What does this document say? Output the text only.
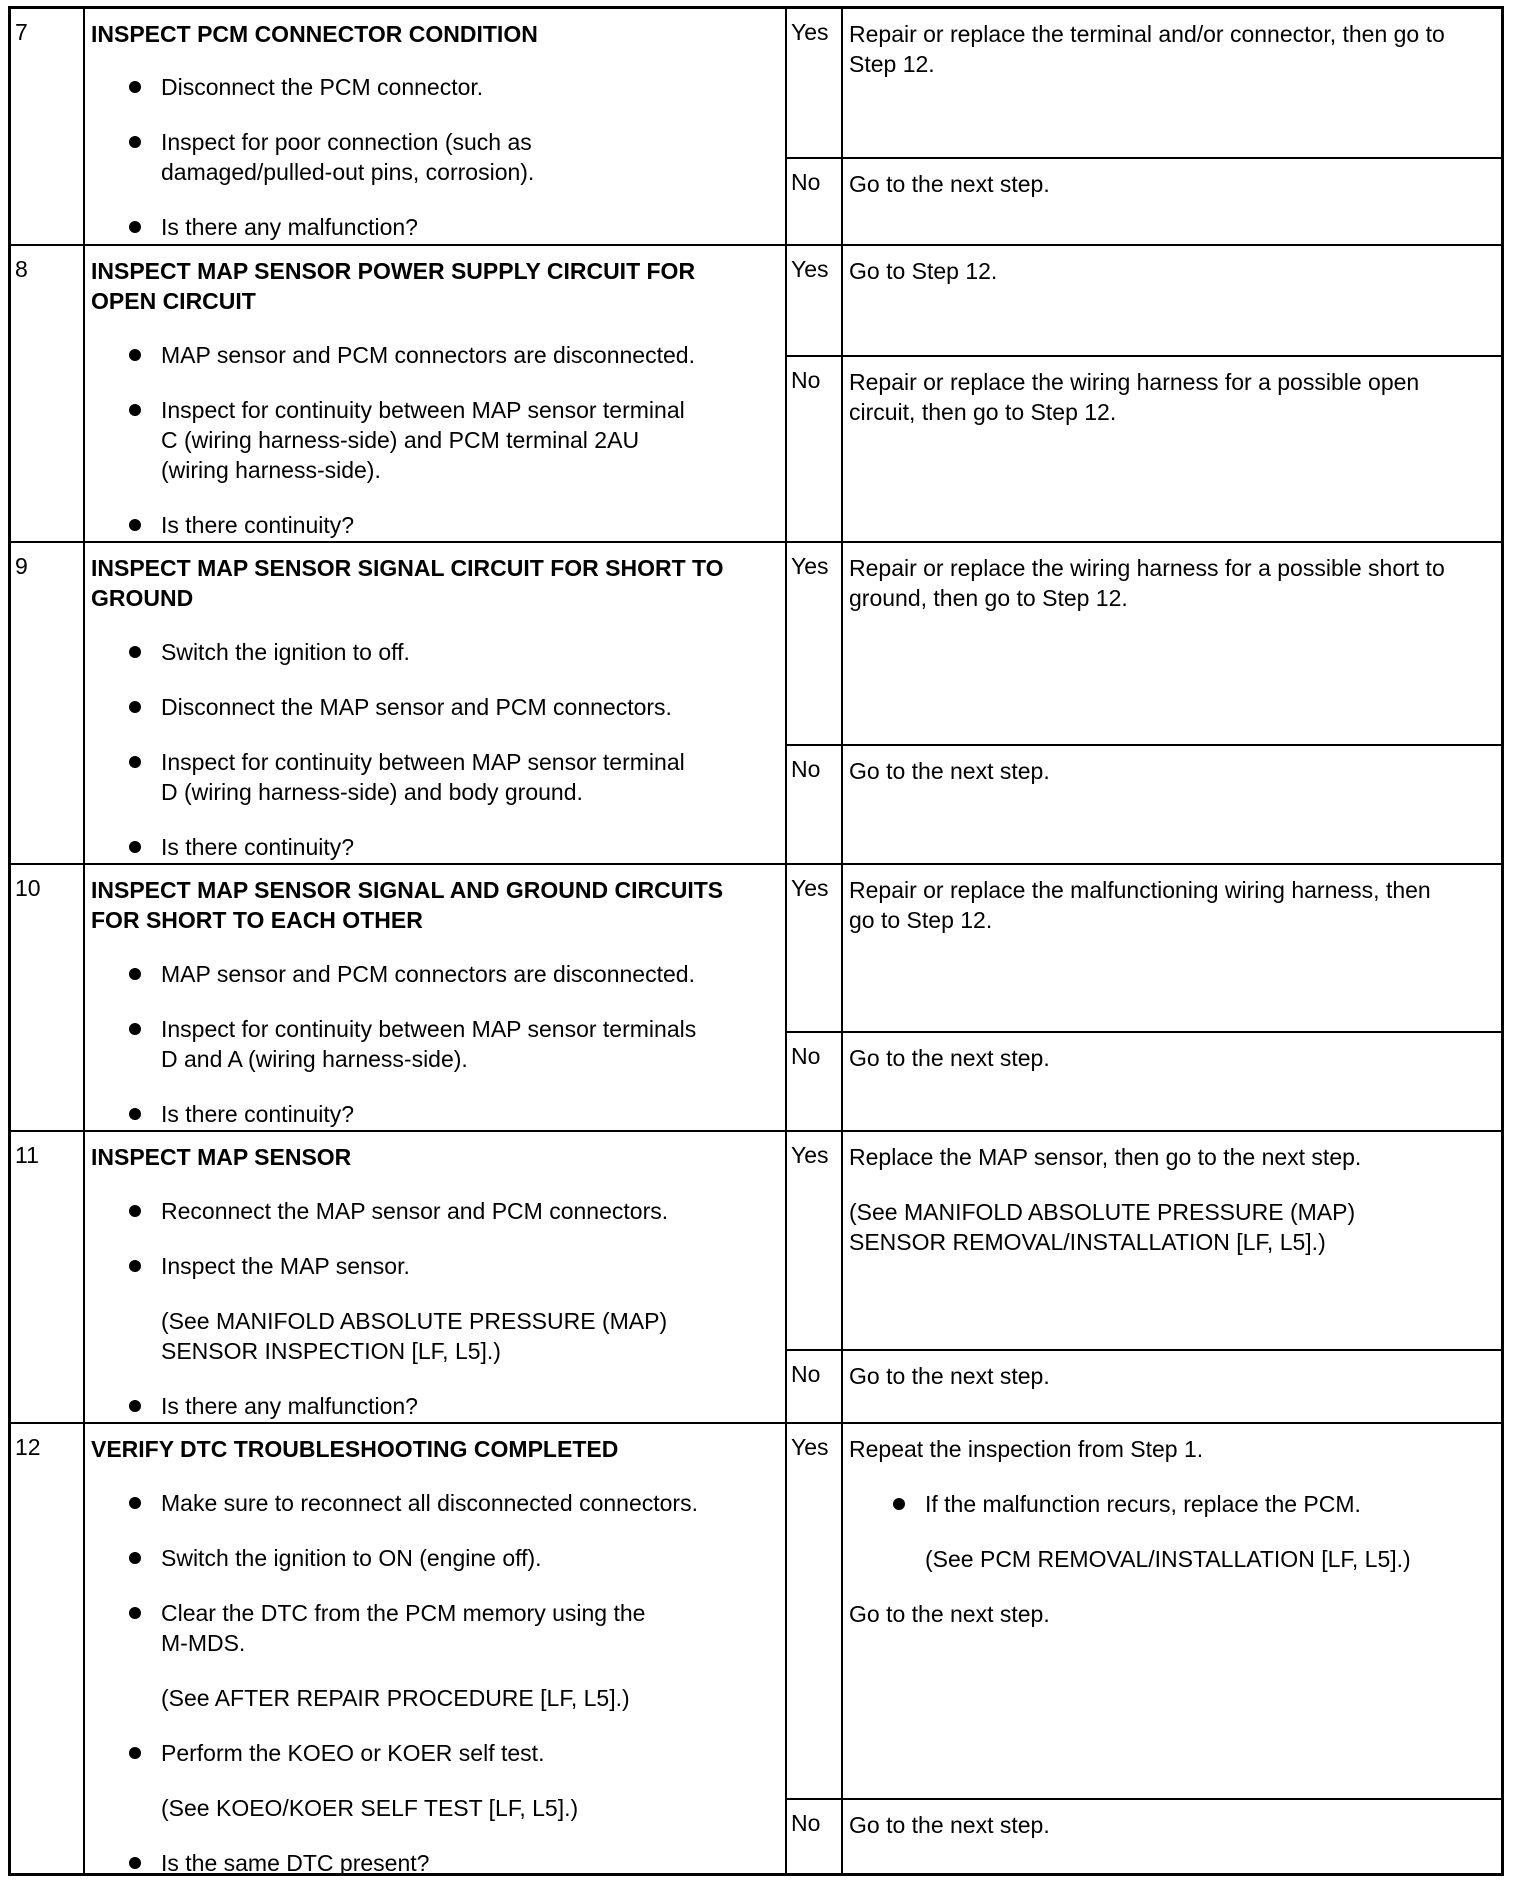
7	INSPECT PCM CONNECTOR CONDITION
Disconnect the PCM connector.
Inspect for poor connection (such as
damaged/pulled-out pins, corrosion).
Is there any malfunction?
Yes Repair or replace the terminal and/or connector, then go to
Step 12.
No Go to the next step.
8	INSPECT MAP SENSOR POWER SUPPLY CIRCUIT FOR
OPEN CIRCUIT
MAP sensor and PCM connectors are disconnected.
Inspect for continuity between MAP sensor terminal
C (wiring harness-side) and PCM terminal 2AU
(wiring harness-side).
Is there continuity?
Yes Go to Step 12.
No Repair or replace the wiring harness for a possible open
circuit, then go to Step 12.
9	INSPECT MAP SENSOR SIGNAL CIRCUIT FOR SHORT TO
GROUND
Switch the ignition to off.
Disconnect the MAP sensor and PCM connectors.
Inspect for continuity between MAP sensor terminal
D (wiring harness-side) and body ground.
Is there continuity?
Yes Repair or replace the wiring harness for a possible short to
ground, then go to Step 12.
No Go to the next step.
10 INSPECT MAP SENSOR SIGNAL AND GROUND CIRCUITS
FOR SHORT TO EACH OTHER
MAP sensor and PCM connectors are disconnected.
Inspect for continuity between MAP sensor terminals
D and A (wiring harness-side).
Is there continuity?
Yes Repair or replace the malfunctioning wiring harness, then
go to Step 12.
No Go to the next step.
11 INSPECT MAP SENSOR
Reconnect the MAP sensor and PCM connectors.
Inspect the MAP sensor.
(See MANIFOLD ABSOLUTE PRESSURE (MAP)
SENSOR INSPECTION [LF, L5].)
Is there any malfunction?
Yes Replace the MAP sensor, then go to the next step.
(See MANIFOLD ABSOLUTE PRESSURE (MAP)
SENSOR REMOVAL/INSTALLATION [LF, L5].)
No Go to the next step.
12 VERIFY DTC TROUBLESHOOTING COMPLETED
Make sure to reconnect all disconnected connectors.
Switch the ignition to ON (engine off).
Clear the DTC from the PCM memory using the
M-MDS.
(See AFTER REPAIR PROCEDURE [LF, L5].)
Perform the KOEO or KOER self test.
(See KOEO/KOER SELF TEST [LF, L5].)
Is the same DTC present?
Yes Repeat the inspection from Step 1.
If the malfunction recurs, replace the PCM.
(See PCM REMOVAL/INSTALLATION [LF, L5].)
Go to the next step.
No Go to the next step.
